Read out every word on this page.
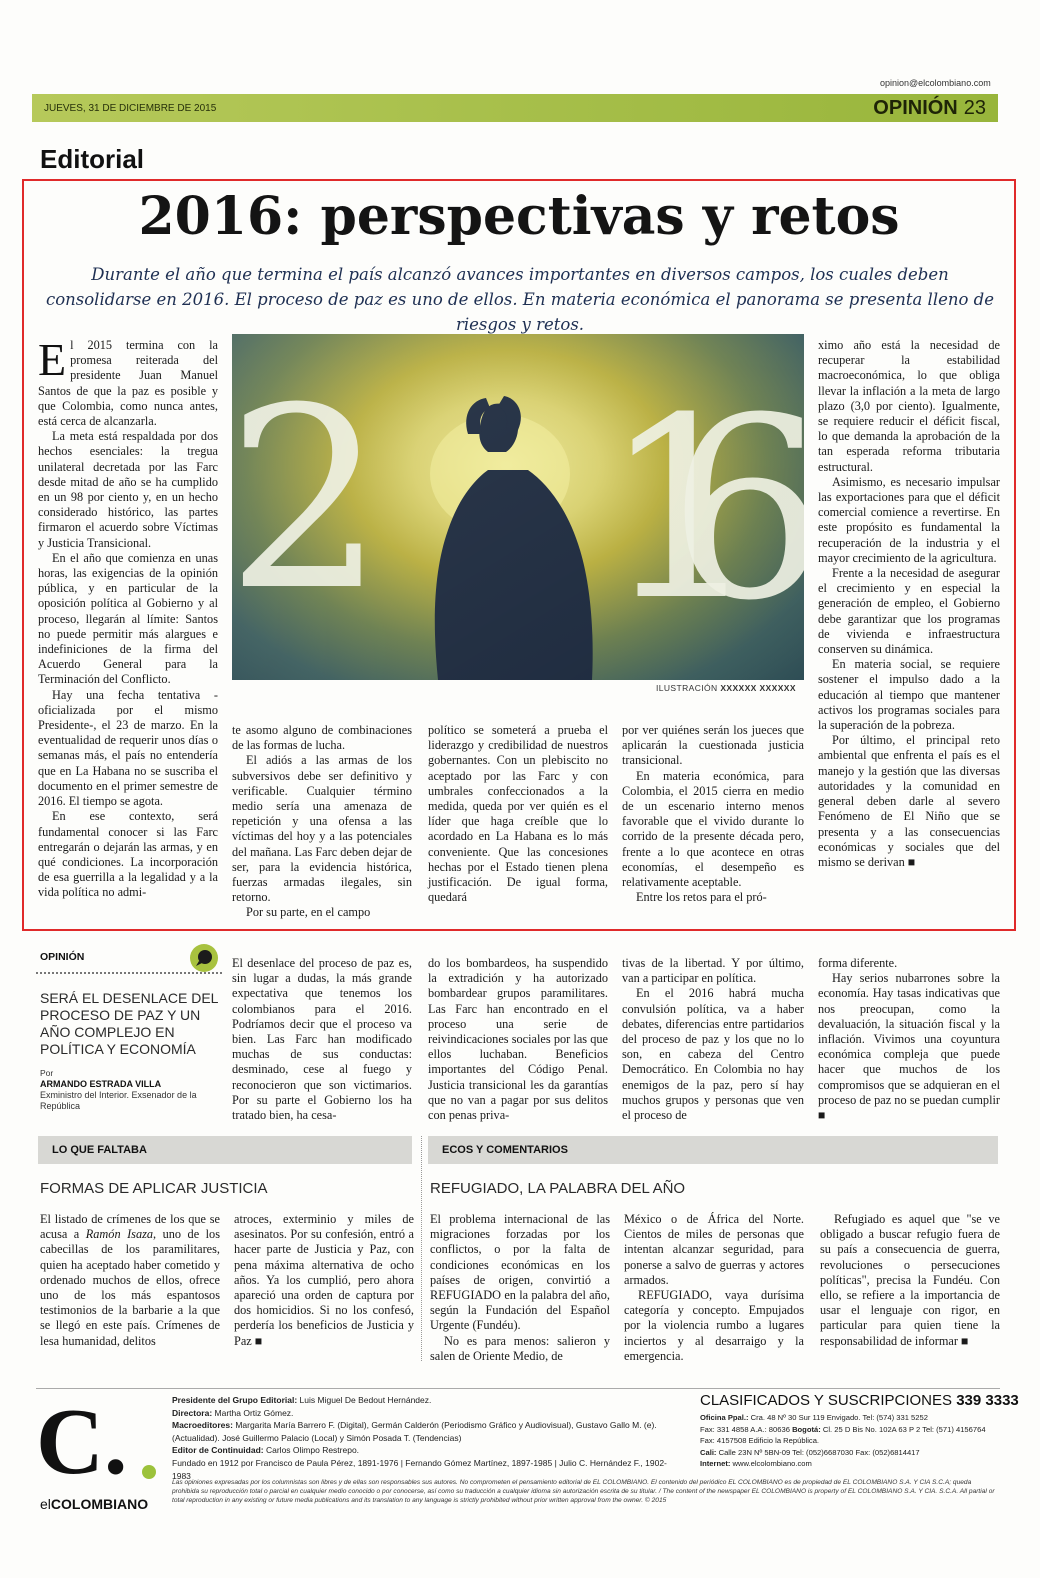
opinion@elcolombiano.com
JUEVES, 31 DE DICIEMBRE DE 2015	OPINIÓN 23
Editorial
2016: perspectivas y retos
Durante el año que termina el país alcanzó avances importantes en diversos campos, los cuales deben consolidarse en 2016. El proceso de paz es uno de ellos. En materia económica el panorama se presenta lleno de riesgos y retos.

El 2015 termina con la promesa reiterada del presidente Juan Manuel Santos de que la paz es posible y que Colombia, como nunca antes, está cerca de alcanzarla.

La meta está respaldada por dos hechos esenciales: la tregua unilateral decretada por las Farc desde mitad de año se ha cumplido en un 98 por ciento y, en un hecho considerado histórico, las partes firmaron el acuerdo sobre Víctimas y Justicia Transicional.

En el año que comienza en unas horas, las exigencias de la opinión pública, y en particular de la oposición política al Gobierno y al proceso, llegarán al límite: Santos no puede permitir más alargues e indefiniciones de la firma del Acuerdo General para la Terminación del Conflicto.

Hay una fecha tentativa - oficializada por el mismo Presidente-, el 23 de marzo. En la eventualidad de requerir unos días o semanas más, el país no entendería que en La Habana no se suscriba el documento en el primer semestre de 2016. El tiempo se agota.

En ese contexto, será fundamental conocer si las Farc entregarán o dejarán las armas, y en qué condiciones. La incorporación de esa guerrilla a la legalidad y a la vida política no admi-

ILUSTRACIÓN XXXXXX XXXXXX

te asomo alguno de combinaciones de las formas de lucha.

El adiós a las armas de los subversivos debe ser definitivo y verificable. Cualquier término medio sería una amenaza de repetición y una ofensa a las víctimas del hoy y a las potenciales del mañana. Las Farc deben dejar de ser, para la evidencia histórica, fuerzas armadas ilegales, sin retorno.

Por su parte, en el campo

político se someterá a prueba el liderazgo y credibilidad de nuestros gobernantes. Con un plebiscito no aceptado por las Farc y con umbrales confeccionados a la medida, queda por ver quién es el líder que haga creíble que lo acordado en La Habana es lo más conveniente. Que las concesiones hechas por el Estado tienen plena justificación. De igual forma, quedará

por ver quiénes serán los jueces que aplicarán la cuestionada justicia transicional.

En materia económica, para Colombia, el 2015 cierra en medio de un escenario interno menos favorable que el vivido durante lo corrido de la presente década pero, frente a lo que acontece en otras economías, el desempeño es relativamente aceptable.

Entre los retos para el pró-

ximo año está la necesidad de recuperar la estabilidad macroeconómica, lo que obliga llevar la inflación a la meta de largo plazo (3,0 por ciento). Igualmente, se requiere reducir el déficit fiscal, lo que demanda la aprobación de la tan esperada reforma tributaria estructural.

Asimismo, es necesario impulsar las exportaciones para que el déficit comercial comience a revertirse. En este propósito es fundamental la recuperación de la industria y el mayor crecimiento de la agricultura.

Frente a la necesidad de asegurar el crecimiento y en especial la generación de empleo, el Gobierno debe garantizar que los programas de vivienda e infraestructura conserven su dinámica.

En materia social, se requiere sostener el impulso dado a la educación al tiempo que mantener activos los programas sociales para la superación de la pobreza.

Por último, el principal reto ambiental que enfrenta el país es el manejo y la gestión que las diversas autoridades y la comunidad en general deben darle al severo Fenómeno de El Niño que se presenta y a las consecuencias económicas y sociales que del mismo se derivan ■

OPINIÓN
SERÁ EL DESENLACE DEL PROCESO DE PAZ Y UN AÑO COMPLEJO EN POLÍTICA Y ECONOMÍA
Por
ARMANDO ESTRADA VILLA
Exministro del Interior. Exsenador de la República

El desenlace del proceso de paz es, sin lugar a dudas, la más grande expectativa que tenemos los colombianos para el 2016. Podríamos decir que el proceso va bien. Las Farc han modificado muchas de sus conductas: desminado, cese al fuego y reconocieron que son victimarios. Por su parte el Gobierno los ha tratado bien, ha cesa-

do los bombardeos, ha suspendido la extradición y ha autorizado bombardear grupos paramilitares. Las Farc han encontrado en el proceso una serie de reivindicaciones sociales por las que ellos luchaban. Beneficios importantes del Código Penal. Justicia transicional les da garantías que no van a pagar por sus delitos con penas priva-

tivas de la libertad. Y por último, van a participar en política.

En el 2016 habrá mucha convulsión política, va a haber debates, diferencias entre partidarios del proceso de paz y los que no lo son, en cabeza del Centro Democrático. En Colombia no hay enemigos de la paz, pero sí hay muchos grupos y personas que ven el proceso de

forma diferente.

Hay serios nubarrones sobre la economía. Hay tasas indicativas que nos preocupan, como la devaluación, la situación fiscal y la inflación. Vivimos una coyuntura económica compleja que puede hacer que muchos de los compromisos que se adquieran en el proceso de paz no se puedan cumplir ■

LO QUE FALTABA
FORMAS DE APLICAR JUSTICIA

El listado de crímenes de los que se acusa a Ramón Isaza, uno de los cabecillas de los paramilitares, quien ha aceptado haber cometido y ordenado muchos de ellos, ofrece uno de los más espantosos testimonios de la barbarie a la que se llegó en este país. Crímenes de lesa humanidad, delitos

atroces, exterminio y miles de asesinatos. Por su confesión, entró a hacer parte de Justicia y Paz, con pena máxima alternativa de ocho años. Ya los cumplió, pero ahora apareció una orden de captura por dos homicidios. Si no los confesó, perdería los beneficios de Justicia y Paz ■

ECOS Y COMENTARIOS
REFUGIADO, LA PALABRA DEL AÑO

El problema internacional de las migraciones forzadas por los conflictos, o por la falta de condiciones económicas en los países de origen, convirtió a REFUGIADO en la palabra del año, según la Fundación del Español Urgente (Fundéu).

No es para menos: salieron y salen de Oriente Medio, de

México o de África del Norte. Cientos de miles de personas que intentan alcanzar seguridad, para ponerse a salvo de guerras y actores armados.

REFUGIADO, vaya durísima categoría y concepto. Empujados por la violencia rumbo a lugares inciertos y al desarraigo y la emergencia.

Refugiado es aquel que "se ve obligado a buscar refugio fuera de su país a consecuencia de guerra, revoluciones o persecuciones políticas", precisa la Fundéu. Con ello, se refiere a la importancia de usar el lenguaje con rigor, en particular para quien tiene la responsabilidad de informar ■

C.
elCOLOMBIANO
Presidente del Grupo Editorial: Luis Miguel De Bedout Hernández.
Directora: Martha Ortiz Gómez.
Macroeditores: Margarita María Barrero F. (Digital), Germán Calderón (Periodismo Gráfico y Audiovisual), Gustavo Gallo M. (e). (Actualidad). José Guillermo Palacio (Local) y Simón Posada T. (Tendencias)
Editor de Continuidad: Carlos Olimpo Restrepo.
Fundado en 1912 por Francisco de Paula Pérez, 1891-1976 | Fernando Gómez Martínez, 1897-1985 | Julio C. Hernández F., 1902-1983
CLASIFICADOS Y SUSCRIPCIONES 339 3333
Oficina Ppal.: Cra. 48 Nº 30 Sur 119 Envigado. Tel: (574) 331 5252
Fax: 331 4858 A.A.: 80636 Bogotá: Cl. 25 D Bis No. 102A 63 P 2 Tel: (571) 4156764 Fax: 4157508 Edificio la República.
Cali: Calle 23N Nº 5BN-09 Tel: (052)6687030 Fax: (052)6814417
Internet: www.elcolombiano.com
Las opiniones expresadas por los columnistas son libres y de ellas son responsables sus autores. No comprometen el pensamiento editorial de EL COLOMBIANO. El contenido del periódico EL COLOMBIANO es de propiedad de EL COLOMBIANO S.A. Y CIA S.C.A; queda prohibida su reproducción total o parcial en cualquier medio conocido o por conocerse, así como su traducción a cualquier idioma sin autorización escrita de su titular. / The content of the newspaper EL COLOMBIANO is property of EL COLOMBIANO S.A. Y CIA. S.C.A. All partial or total reproduction in any existing or future media publications and its translation to any language is strictly prohibited without prior written approval from the owner. © 2015
